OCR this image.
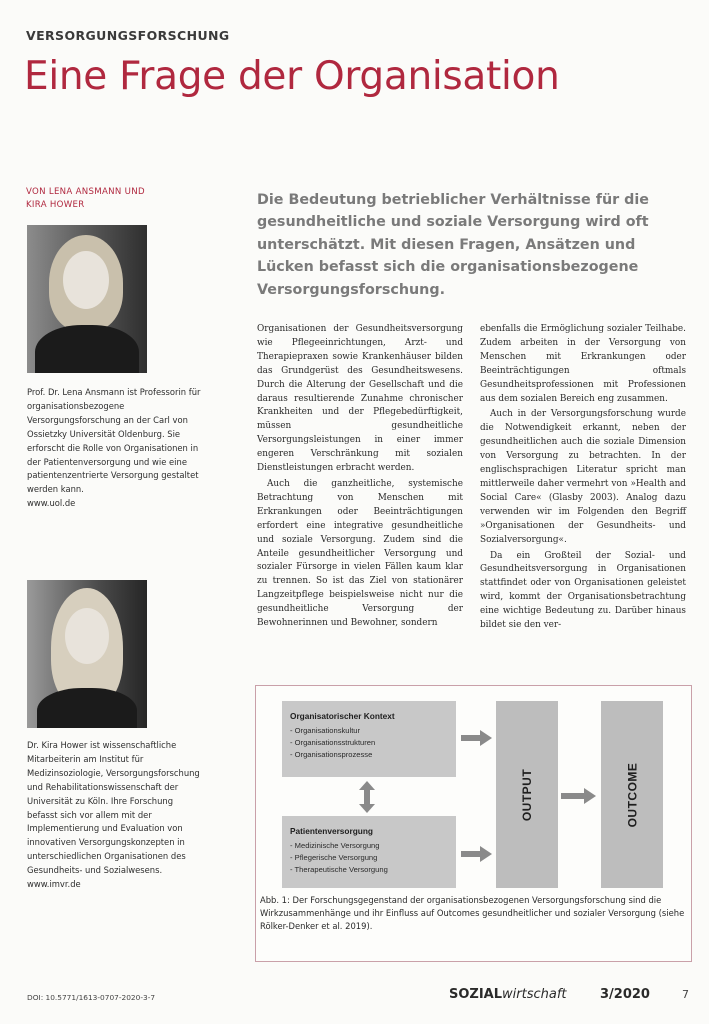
VERSORGUNGSFORSCHUNG
Eine Frage der Organisation
VON LENA ANSMANN UND
KIRA HOWER
Prof. Dr. Lena Ansmann ist Professorin für organisationsbezogene Versorgungsforschung an der Carl von Ossietzky Universität Oldenburg. Sie erforscht die Rolle von Organisationen in der Patientenversorgung und wie eine patientenzentrierte Versorgung gestaltet werden kann.
www.uol.de
Dr. Kira Hower ist wissenschaftliche Mitarbeiterin am Institut für Medizinsoziologie, Versorgungsforschung und Rehabilitationswissenschaft der Universität zu Köln. Ihre Forschung befasst sich vor allem mit der Implementierung und Evaluation von innovativen Versorgungskonzepten in unterschiedlichen Organisationen des Gesundheits- und Sozialwesens.
www.imvr.de
Die Bedeutung betrieblicher Verhältnisse für die gesundheitliche und soziale Versorgung wird oft unterschätzt. Mit diesen Fragen, Ansätzen und Lücken befasst sich die organisationsbezogene Versorgungsforschung.

Organisationen der Gesundheitsversorgung wie Pflegeeinrichtungen, Arzt- und Therapiepraxen sowie Krankenhäuser bilden das Grundgerüst des Gesundheitswesens. Durch die Alterung der Gesellschaft und die daraus resultierende Zunahme chronischer Krankheiten und der Pflegebedürftigkeit, müssen gesundheitliche Versorgungsleistungen in einer immer engeren Verschränkung mit sozialen Dienstleistungen erbracht werden.

Auch die ganzheitliche, systemische Betrachtung von Menschen mit Erkrankungen oder Beeinträchtigungen erfordert eine integrative gesundheitliche und soziale Versorgung. Zudem sind die Anteile gesundheitlicher Versorgung und sozialer Fürsorge in vielen Fällen kaum klar zu trennen. So ist das Ziel von stationärer Langzeitpflege beispielsweise nicht nur die gesundheitliche Versorgung der Bewohnerinnen und Bewohner, sondern

ebenfalls die Ermöglichung sozialer Teilhabe. Zudem arbeiten in der Versorgung von Menschen mit Erkrankungen oder Beeinträchtigungen oftmals Gesundheitsprofessionen mit Professionen aus dem sozialen Bereich eng zusammen.

Auch in der Versorgungsforschung wurde die Notwendigkeit erkannt, neben der gesundheitlichen auch die soziale Dimension von Versorgung zu betrachten. In der englischsprachigen Literatur spricht man mittlerweile daher vermehrt von »Health and Social Care« (Glasby 2003). Analog dazu verwenden wir im Folgenden den Begriff »Organisationen der Gesundheits- und Sozialversorgung«.

Da ein Großteil der Sozial- und Gesundheitsversorgung in Organisationen stattfindet oder von Organisationen geleistet wird, kommt der Organisationsbetrachtung eine wichtige Bedeutung zu. Darüber hinaus bildet sie den ver-

Organisatorischer Kontext
- Organisationskultur
- Organisationsstrukturen
- Organisationsprozesse
Patientenversorgung
- Medizinische Versorgung
- Pflegerische Versorgung
- Therapeutische Versorgung
OUTPUT	OUTCOME
Abb. 1: Der Forschungsgegenstand der organisationsbezogenen Versorgungsforschung sind die Wirkzusammenhänge und ihr Einfluss auf Outcomes gesundheitlicher und sozialer Versorgung (siehe Rölker-Denker et al. 2019).
DOI: 10.5771/1613-0707-2020-3-7	SOZIALwirtschaft	3/2020	7
